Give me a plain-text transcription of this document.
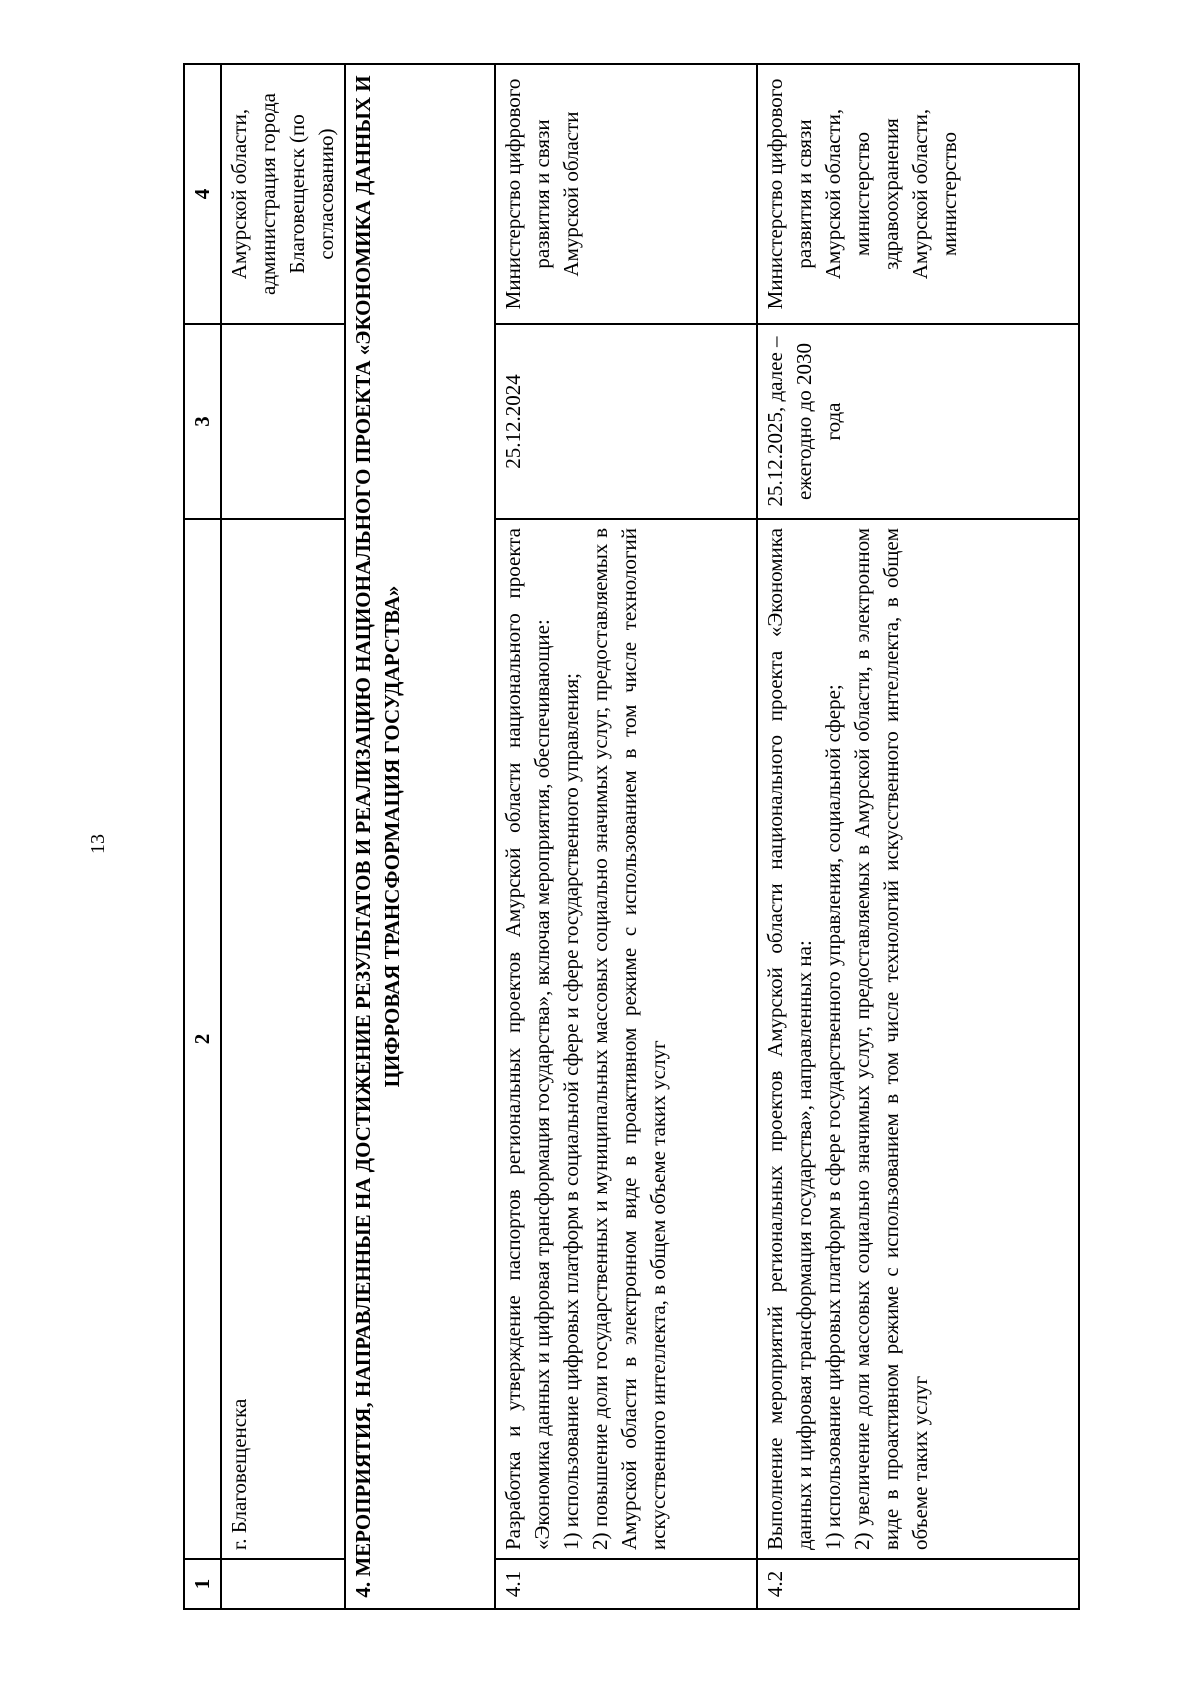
13
1	2	3	4
	г. Благовещенска		Амурской области, администрация города Благовещенск (по согласованию)
4. МЕРОПРИЯТИЯ, НАПРАВЛЕННЫЕ НА ДОСТИЖЕНИЕ РЕЗУЛЬТАТОВ И РЕАЛИЗАЦИЮ НАЦИОНАЛЬНОГО ПРОЕКТА «ЭКОНОМИКА ДАННЫХ И ЦИФРОВАЯ ТРАНСФОРМАЦИЯ ГОСУДАРСТВА»			
4.1	Разработка и утверждение паспортов региональных проектов Амурской области национального проекта «Экономика данных и цифровая трансформация государства», включая мероприятия, обеспечивающие: 1) использование цифровых платформ в социальной сфере и сфере государственного управления; 2) повышение доли государственных и муниципальных массовых социально значимых услуг, предоставляемых в Амурской области в электронном виде в проактивном режиме с использованием в том числе технологий искусственного интеллекта, в общем объеме таких услуг	25.12.2024	Министерство цифрового развития и связи Амурской области
4.2	Выполнение мероприятий региональных проектов Амурской области национального проекта «Экономика данных и цифровая трансформация государства», направленных на: 1) использование цифровых платформ в сфере государственного управления, социальной сфере; 2) увеличение доли массовых социально значимых услуг, предоставляемых в Амурской области, в электронном виде в проактивном режиме с использованием в том числе технологий искусственного интеллекта, в общем объеме таких услуг	25.12.2025, далее – ежегодно до 2030 года	Министерство цифрового развития и связи Амурской области, министерство здравоохранения Амурской области, министерство
